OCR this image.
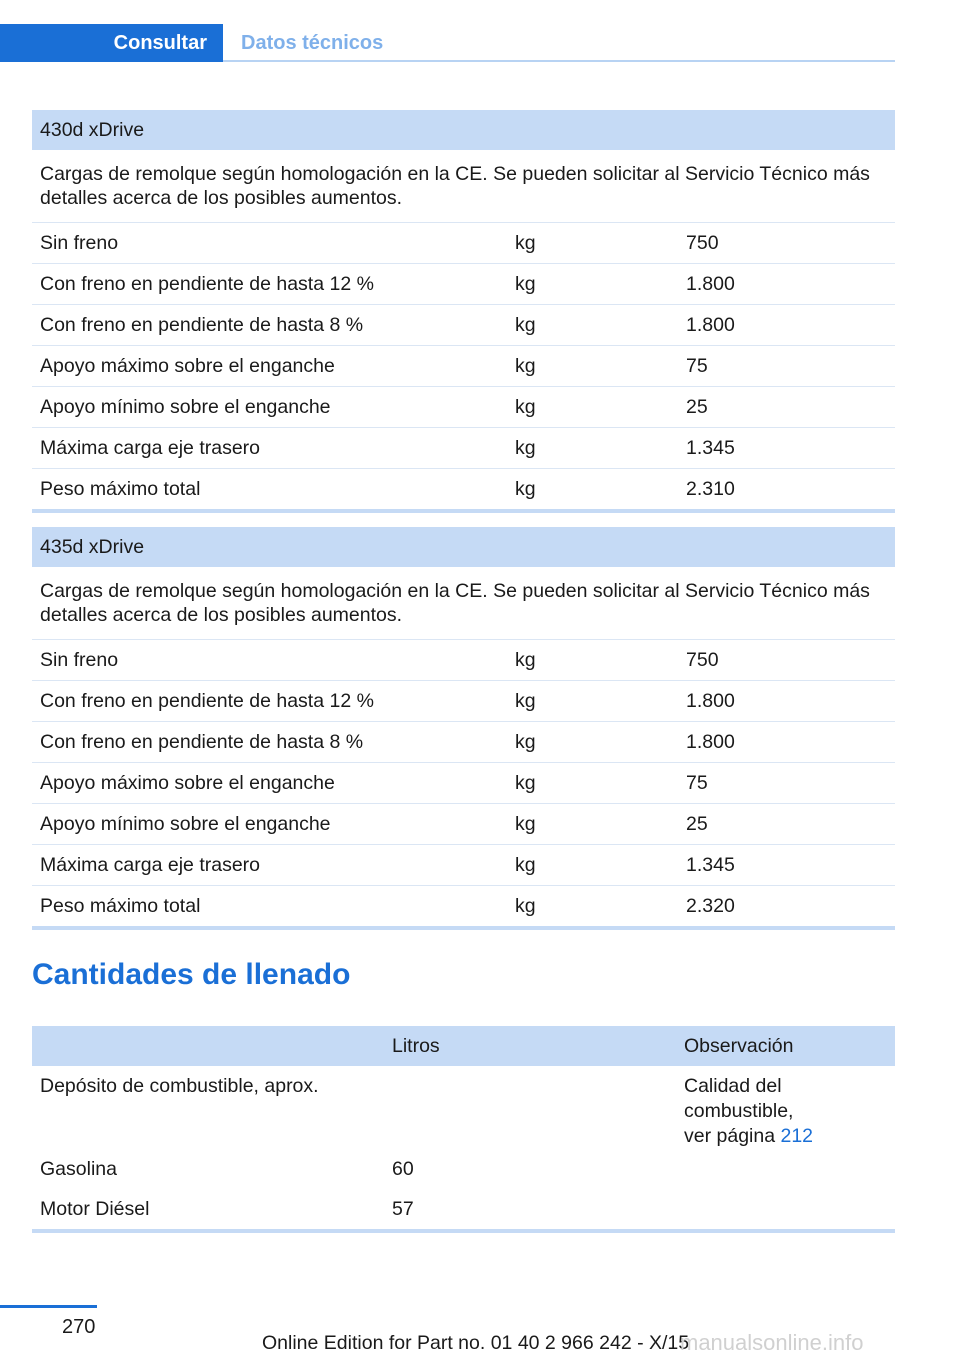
Consultar	Datos técnicos
430d xDrive		
Cargas de remolque según homologación en la CE. Se pueden solicitar al Servicio Técnico más detalles acerca de los posibles aumentos.		
Sin freno	kg	750
Con freno en pendiente de hasta 12 %	kg	1.800
Con freno en pendiente de hasta 8 %	kg	1.800
Apoyo máximo sobre el enganche	kg	75
Apoyo mínimo sobre el enganche	kg	25
Máxima carga eje trasero	kg	1.345
Peso máximo total	kg	2.310
435d xDrive		
Cargas de remolque según homologación en la CE. Se pueden solicitar al Servicio Técnico más detalles acerca de los posibles aumentos.		
Sin freno	kg	750
Con freno en pendiente de hasta 12 %	kg	1.800
Con freno en pendiente de hasta 8 %	kg	1.800
Apoyo máximo sobre el enganche	kg	75
Apoyo mínimo sobre el enganche	kg	25
Máxima carga eje trasero	kg	1.345
Peso máximo total	kg	2.320
Cantidades de llenado
	Litros	Observación
Depósito de combustible, aprox.		Calidad del combustible,
ver página 212
Gasolina	60	
Motor Diésel	57	
270
Online Edition for Part no. 01 40 2 966 242 - X/15
manualsonline.info
